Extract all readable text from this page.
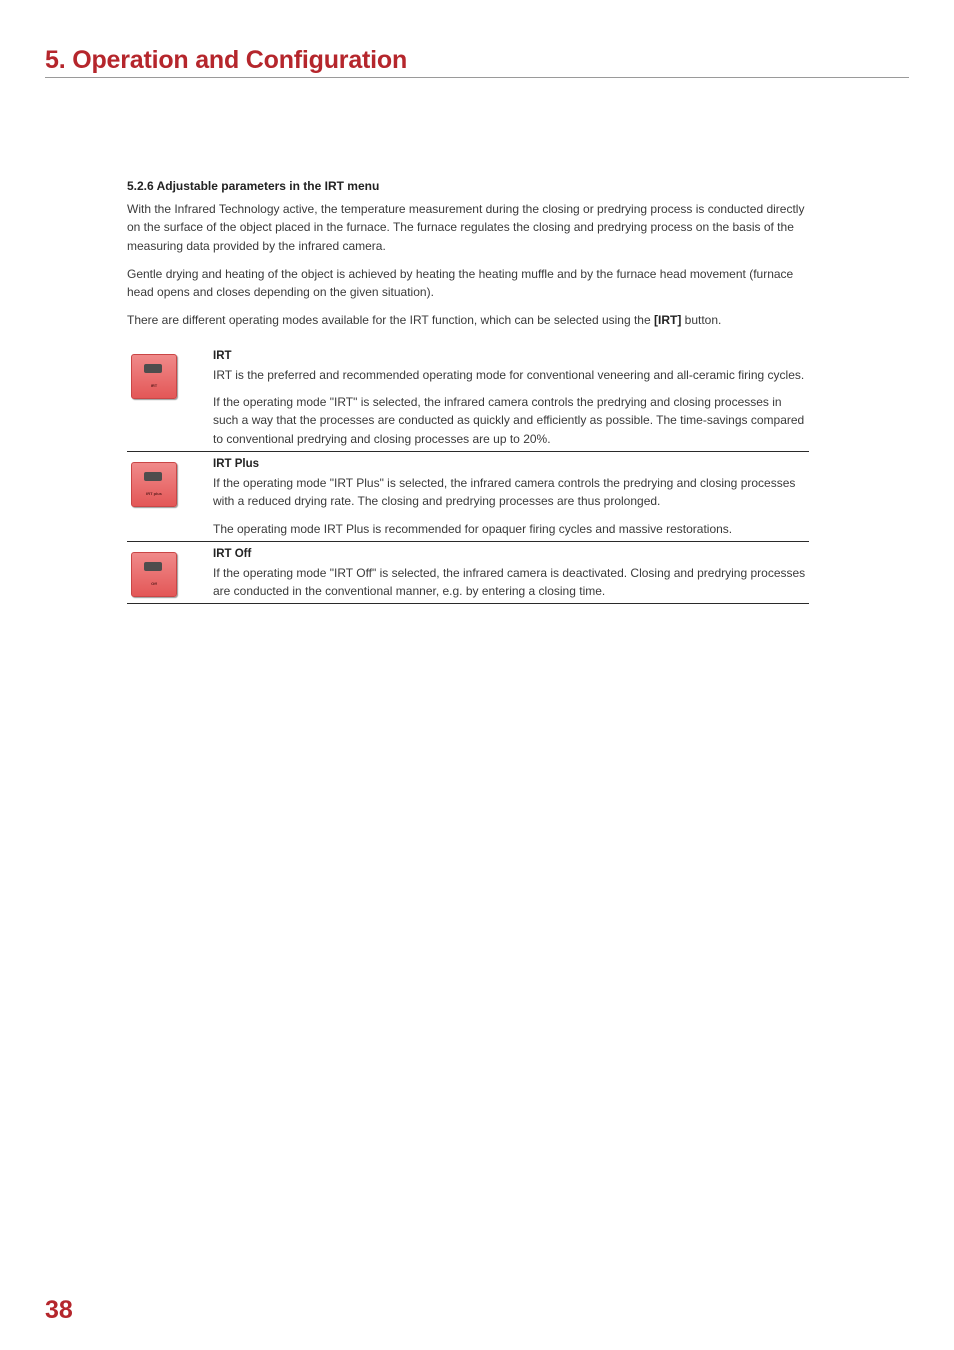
5. Operation and Configuration
5.2.6 Adjustable parameters in the IRT menu

With the Infrared Technology active, the temperature measurement during the closing or predrying process is conducted directly on the surface of the object placed in the furnace. The furnace regulates the closing and predrying process on the basis of the measuring data provided by the infrared camera.

Gentle drying and heating of the object is achieved by heating the heating muffle and by the furnace head movement (furnace head opens and closes depending on the given situation).

There are different operating modes available for the IRT function, which can be selected using the [IRT] button.

IRT
IRT

IRT is the preferred and recommended operating mode for conventional veneering and all-ceramic firing cycles.

If the operating mode "IRT" is selected, the infrared camera controls the predrying and closing processes in such a way that the processes are conducted as quickly and efficiently as possible. The time-savings compared to conventional predrying and closing processes are up to 20%.

IRT plus
IRT Plus

If the operating mode "IRT Plus" is selected, the infrared camera controls the predrying and closing processes with a reduced drying rate. The closing and predrying processes are thus prolonged.

The operating mode IRT Plus is recommended for opaquer firing cycles and massive restorations.

Off
IRT Off

If the operating mode "IRT Off" is selected, the infrared camera is deactivated. Closing and predrying processes are conducted in the conventional manner, e.g. by entering a closing time.

38
